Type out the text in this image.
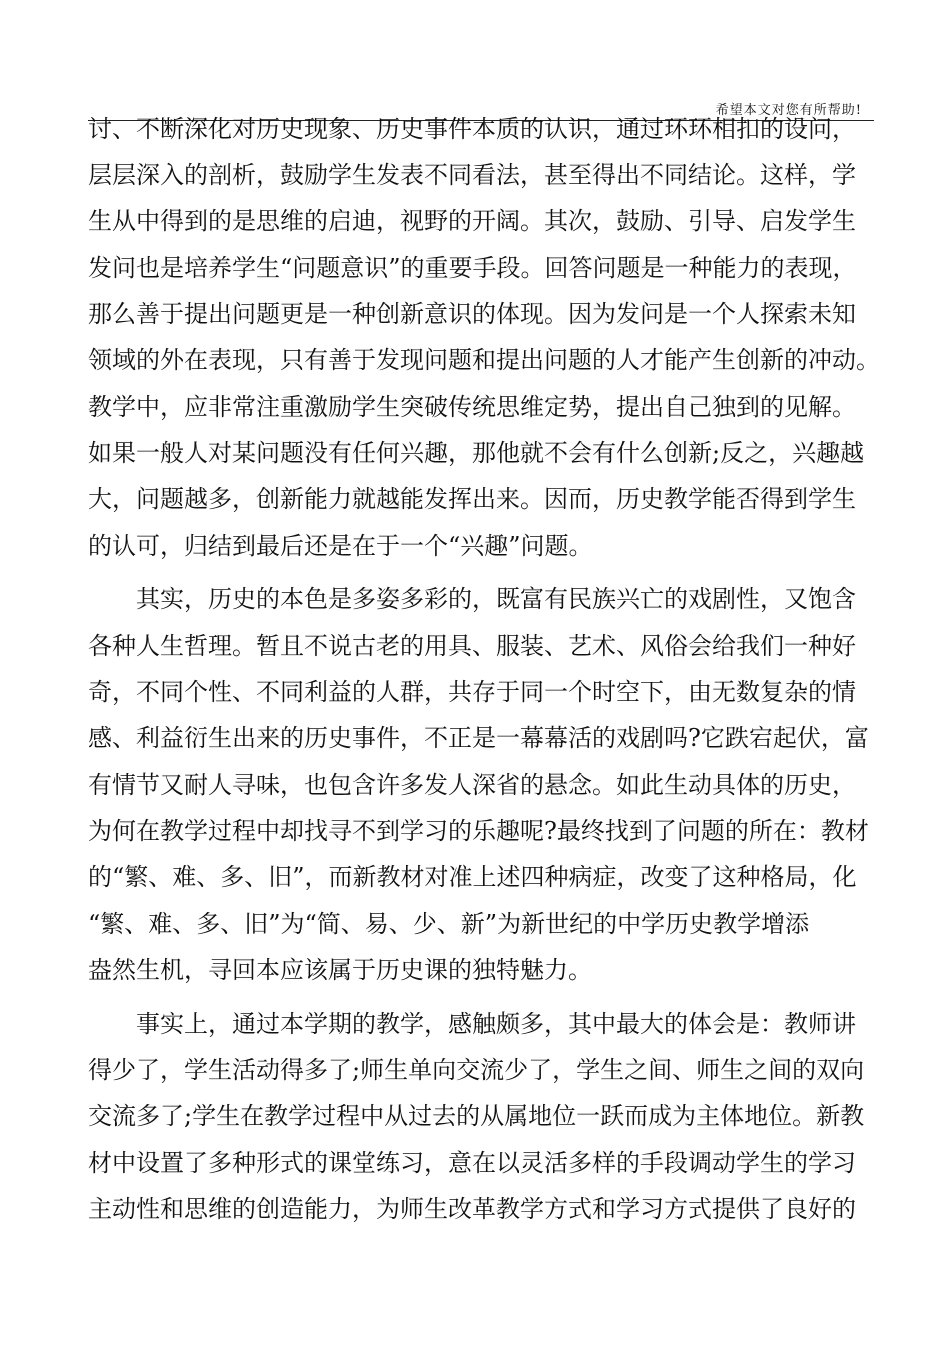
希望本文对您有所帮助!
讨、不断深化对历史现象、历史事件本质的认识，通过环环相扣的设问，
层层深入的剖析，鼓励学生发表不同看法，甚至得出不同结论。这样，学
生从中得到的是思维的启迪，视野的开阔。其次，鼓励、引导、启发学生
发问也是培养学生“问题意识”的重要手段。回答问题是一种能力的表现，
那么善于提出问题更是一种创新意识的体现。因为发问是一个人探索未知
领域的外在表现，只有善于发现问题和提出问题的人才能产生创新的冲动。
教学中，应非常注重激励学生突破传统思维定势，提出自己独到的见解。
如果一般人对某问题没有任何兴趣，那他就不会有什么创新;反之，兴趣越
大，问题越多，创新能力就越能发挥出来。因而，历史教学能否得到学生
的认可，归结到最后还是在于一个“兴趣”问题。
其实，历史的本色是多姿多彩的，既富有民族兴亡的戏剧性，又饱含
各种人生哲理。暂且不说古老的用具、服装、艺术、风俗会给我们一种好
奇，不同个性、不同利益的人群，共存于同一个时空下，由无数复杂的情
感、利益衍生出来的历史事件，不正是一幕幕活的戏剧吗?它跌宕起伏，富
有情节又耐人寻味，也包含许多发人深省的悬念。如此生动具体的历史，
为何在教学过程中却找寻不到学习的乐趣呢?最终找到了问题的所在：教材
的“繁、难、多、旧”，而新教材对准上述四种病症，改变了这种格局，化
“繁、难、多、旧”为“简、易、少、新”为新世纪的中学历史教学增添
盎然生机，寻回本应该属于历史课的独特魅力。
事实上，通过本学期的教学，感触颇多，其中最大的体会是：教师讲
得少了，学生活动得多了;师生单向交流少了，学生之间、师生之间的双向
交流多了;学生在教学过程中从过去的从属地位一跃而成为主体地位。新教
材中设置了多种形式的课堂练习，意在以灵活多样的手段调动学生的学习
主动性和思维的创造能力，为师生改革教学方式和学习方式提供了良好的
